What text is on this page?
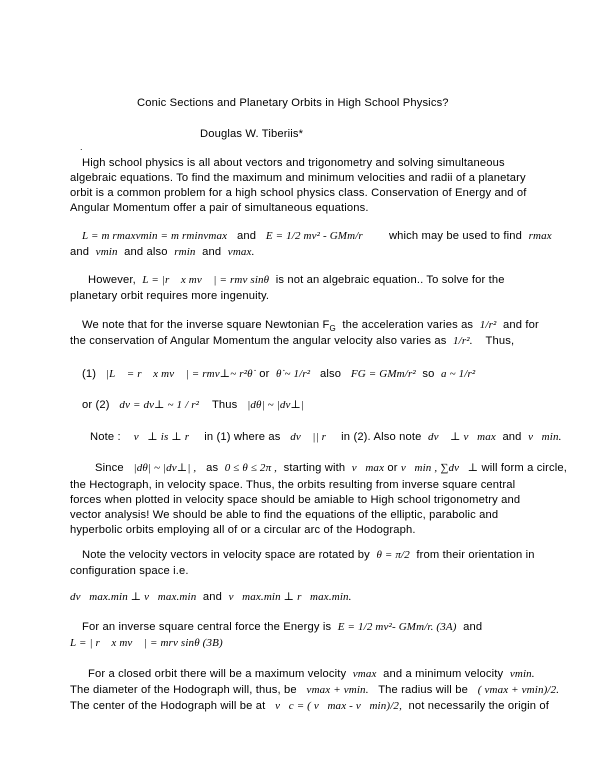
Conic Sections and Planetary Orbits in High School Physics?
Douglas W. Tiberiis*
.
High school physics is all about vectors and trigonometry and solving simultaneous algebraic equations. To find the maximum and minimum velocities and radii of a planetary orbit is a common problem for a high school physics class. Conservation of Energy and of Angular Momentum offer a pair of simultaneous equations.
L = m rmaxvmin = m rminvmax and E = 1/2 mv² - GMm/r which may be used to find rmax
and vmin and also rmin and vmax.
However, L = |r⃗ x mv⃗ | = rmv sinθ is not an algebraic equation.. To solve for the
planetary orbit requires more ingenuity.
We note that for the inverse square Newtonian $F_G$ the acceleration varies as 1/r² and for
the conservation of Angular Momentum the angular velocity also varies as 1/r². Thus,
(1) |L⃗ = r⃗ x mv⃗ | = rmv⊥~ r²θ̇ or θ̇ ~ 1/r² also FG = GMm/r² so a ~ 1/r²
or (2) dv = dv⊥ ~ 1 / r² Thus |dθ| ~ |dv⊥|
Note : v⃗⊥ is ⊥ r⃗ in (1) where as dv⃗ || r⃗ in (2). Also note dv⃗ ⊥ v⃗max and v⃗min.
Since |dθ| ~ |dv⊥| , as 0 ≤ θ ≤ 2π , starting with v⃗max or v⃗min , ∑dv⃗⊥ will form a circle,
the Hectograph, in velocity space. Thus, the orbits resulting from inverse square central forces when plotted in velocity space should be amiable to High school trigonometry and vector analysis! We should be able to find the equations of the elliptic, parabolic and hyperbolic orbits employing all of or a circular arc of the Hodograph.
Note the velocity vectors in velocity space are rotated by θ = π/2 from their orientation in
configuration space i.e.
dv⃗max.min ⊥ v⃗max.min and v⃗max.min ⊥ r⃗max.min.
For an inverse square central force the Energy is E = 1/2 mv²- GMm/r. (3A) and
L = | r⃗ x mv⃗ | = mrv sinθ (3B)
For a closed orbit there will be a maximum velocity vmax and a minimum velocity vmin.
The diameter of the Hodograph will, thus, be vmax + vmin. The radius will be ( vmax + vmin)/2.
The center of the Hodograph will be at v⃗c = ( v⃗max - v⃗min)/2, not necessarily the origin of
